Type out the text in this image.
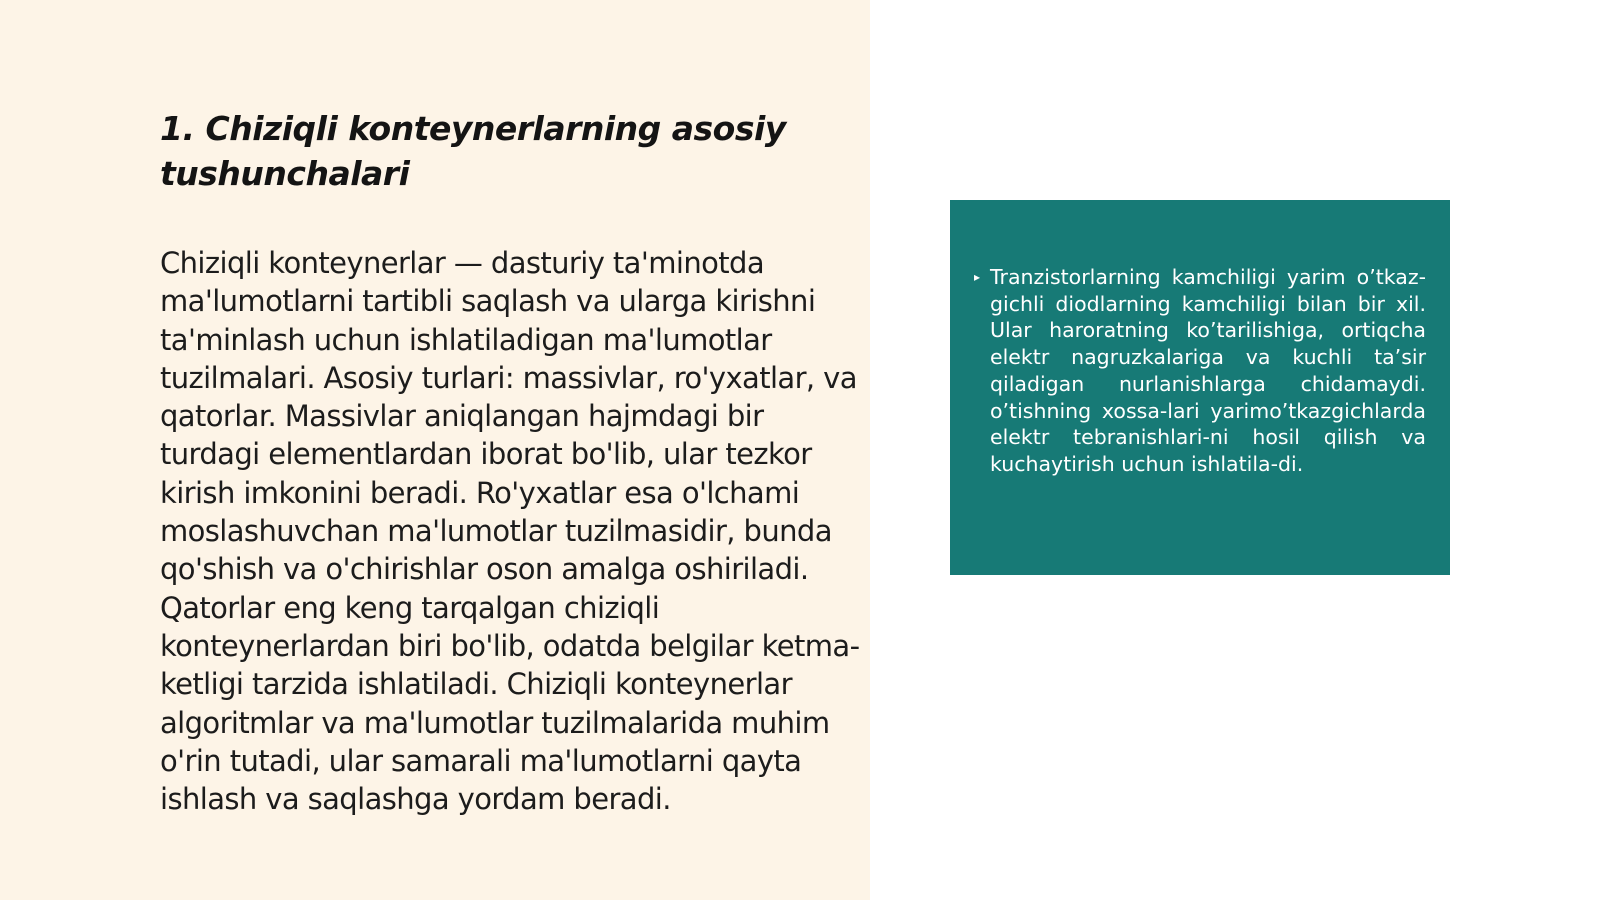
1. Chiziqli konteynerlarning asosiy tushunchalari

Chiziqli konteynerlar — dasturiy ta'minotda ma'lumotlarni tartibli saqlash va ularga kirishni ta'minlash uchun ishlatiladigan ma'lumotlar tuzilmalari. Asosiy turlari: massivlar, ro'yxatlar, va qatorlar. Massivlar aniqlangan hajmdagi bir turdagi elementlardan iborat bo'lib, ular tezkor kirish imkonini beradi. Ro'yxatlar esa o'lchami moslashuvchan ma'lumotlar tuzilmasidir, bunda qo'shish va o'chirishlar oson amalga oshiriladi. Qatorlar eng keng tarqalgan chiziqli konteynerlardan biri bo'lib, odatda belgilar ketma-ketligi tarzida ishlatiladi. Chiziqli konteynerlar algoritmlar va ma'lumotlar tuzilmalarida muhim o'rin tutadi, ular samarali ma'lumotlarni qayta ishlash va saqlashga yordam beradi.

▸ Tranzistorlarning kamchiligi yarim o’tkaz-gichli diodlarning kamchiligi bilan bir xil. Ular haroratning ko’tarilishiga, ortiqcha elektr nagruzkalariga va kuchli ta’sir qiladigan nurlanishlarga chidamaydi. o’tishning xossa-lari yarimo’tkazgichlarda elektr tebranishlari-ni hosil qilish va kuchaytirish uchun ishlatila-di.
